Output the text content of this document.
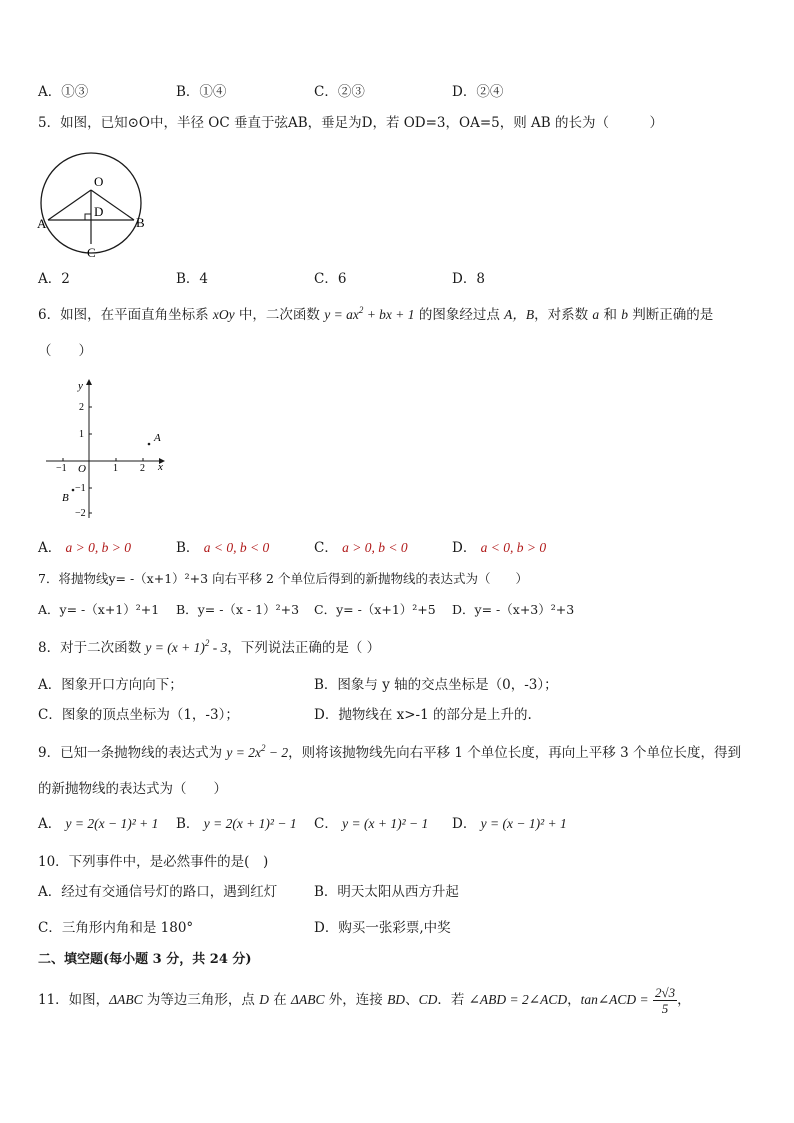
A．①③	B．①④	C．②③	D．②④
5．如图，已知⊙O中，半径 OC 垂直于弦AB，垂足为D，若 OD=3，OA=5，则 AB 的长为（　　　）
O
D
A	B
C
A．2	B．4	C．6	D．8
6．如图，在平面直角坐标系 xOy 中，二次函数 $y = ax^2$ + bx + 1 的图象经过点 A，B，对系数 a 和 b 判断正确的是
（　　）
y
x
O
−1	1 2
2
1
−1
−2
A
B
A． a > 0, b > 0	B． a < 0, b < 0	C． a > 0, b < 0	D． a < 0, b > 0
7．将抛物线y= -（x+1）²+3 向右平移 2 个单位后得到的新抛物线的表达式为（　　）
A．y= -（x+1）²+1 B．y= -（x - 1）²+3 C．y= -（x+1）²+5 D．y= -（x+3）²+3
8．对于二次函数 $y = (x + 1)^2 - 3$，下列说法正确的是（ ）
A．图象开口方向向下；	B．图象与 y 轴的交点坐标是（0，-3）；
C．图象的顶点坐标为（1，-3）；	D．抛物线在 x>-1 的部分是上升的.
9．已知一条抛物线的表达式为 $y = 2x^2 - 2$，则将该抛物线先向右平移 1 个单位长度，再向上平移 3 个单位长度，得到
的新抛物线的表达式为（　　）
A． y = 2(x − 1)² + 1 B． y = 2(x + 1)² − 1 C． y = (x + 1)² − 1 D． y = (x − 1)² + 1
10．下列事件中，是必然事件的是(　)
A．经过有交通信号灯的路口，遇到红灯	B．明天太阳从西方升起
C．三角形内角和是 180°	D．购买一张彩票,中奖
二、填空题(每小题 3 分，共 24 分)
11．如图，ΔABC 为等边三角形，点 D 在 ΔABC 外，连接 BD、CD．若 ∠ABD = 2∠ACD，tan∠ACD = $\frac{2√3}{5}$ ，
